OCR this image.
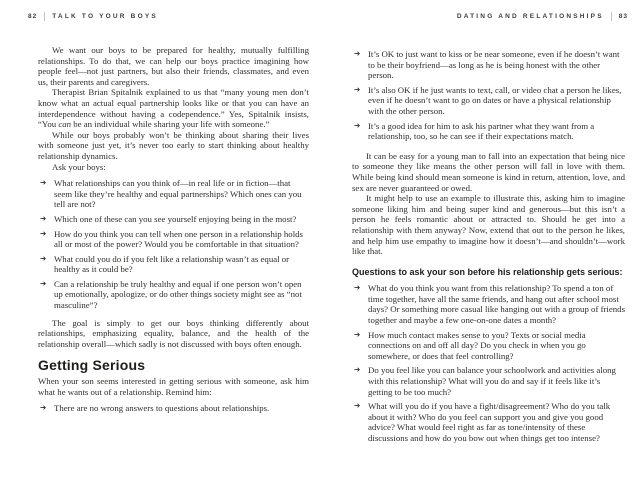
82 TALK TO YOUR BOYS	DATING AND RELATIONSHIPS 83

We want our boys to be prepared for healthy, mutually fulfilling relationships. To do that, we can help our boys practice imagining how people feel—not just partners, but also their friends, classmates, and even us, their parents and caregivers.

Therapist Brian Spitalnik explained to us that “many young men don’t know what an actual equal partnership looks like or that you can have an interdependence without having a codependence.” Yes, Spitalnik insists, “You can be an individual while sharing your life with someone.”

While our boys probably won’t be thinking about sharing their lives with someone just yet, it’s never too early to start thinking about healthy relationship dynamics.

Ask your boys:

➔ What relationships can you think of—in real life or in fiction—that seem like they’re healthy and equal partnerships? Which ones can you tell are not?
➔ Which one of these can you see yourself enjoying being in the most?
➔ How do you think you can tell when one person in a relationship holds all or most of the power? Would you be comfortable in that situation?
➔ What could you do if you felt like a relationship wasn’t as equal or healthy as it could be?
➔ Can a relationship be truly healthy and equal if one person won’t open up emotionally, apologize, or do other things society might see as “not masculine”?

The goal is simply to get our boys thinking differently about relationships, emphasizing equality, balance, and the health of the relationship overall—which sadly is not discussed with boys often enough.

Getting Serious

When your son seems interested in getting serious with someone, ask him what he wants out of a relationship. Remind him:

➔ There are no wrong answers to questions about relationships.
➔ It’s OK to just want to kiss or be near someone, even if he doesn’t want to be their boyfriend—as long as he is being honest with the other person.
➔ It’s also OK if he just wants to text, call, or video chat a person he likes, even if he doesn’t want to go on dates or have a physical relationship with the other person.
➔ It’s a good idea for him to ask his partner what they want from a relationship, too, so he can see if their expectations match.

It can be easy for a young man to fall into an expectation that being nice to someone they like means the other person will fall in love with them. While being kind should mean someone is kind in return, attention, love, and sex are never guaranteed or owed.

It might help to use an example to illustrate this, asking him to imagine someone liking him and being super kind and generous—but this isn’t a person he feels romantic about or attracted to. Should he get into a relationship with them anyway? Now, extend that out to the person he likes, and help him use empathy to imagine how it doesn’t—and shouldn’t—work like that.

Questions to ask your son before his relationship gets serious:
➔ What do you think you want from this relationship? To spend a ton of time together, have all the same friends, and hang out after school most days? Or something more casual like hanging out with a group of friends together and maybe a few one-on-one dates a month?
➔ How much contact makes sense to you? Texts or social media connections on and off all day? Do you check in when you go somewhere, or does that feel controlling?
➔ Do you feel like you can balance your schoolwork and activities along with this relationship? What will you do and say if it feels like it’s getting to be too much?
➔ What will you do if you have a fight/disagreement? Who do you talk about it with? Who do you feel can support you and give you good advice? What would feel right as far as tone/intensity of these discussions and how do you bow out when things get too intense?
